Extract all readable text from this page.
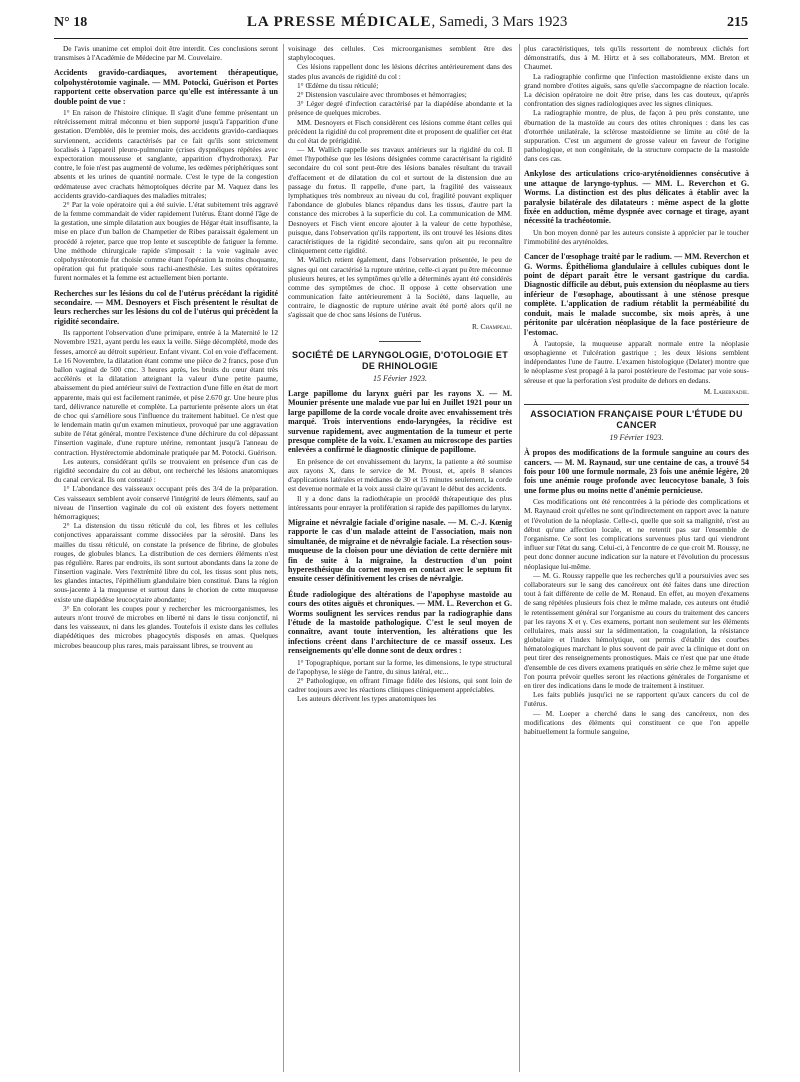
N° 18	LA PRESSE MÉDICALE, Samedi, 3 Mars 1923	215

De l'avis unanime cet emploi doit être interdit. Ces conclusions seront transmises à l'Académie de Médecine par M. Couvelaire.

Accidents gravido-cardiaques, avortement thérapeutique, colpohystérotomie vaginale. — MM. Potocki, Guérison et Portes rapportent cette observation parce qu'elle est intéressante à un double point de vue :

1° En raison de l'histoire clinique. Il s'agit d'une femme présentant un rétrécissement mitral méconnu et bien supporté jusqu'à l'apparition d'une gestation. D'emblée, dès le premier mois, des accidents gravido-cardiaques surviennent, accidents caractérisés par ce fait qu'ils sont strictement localisés à l'appareil pleuro-pulmonaire (crises dyspnéiques répétées avec expectoration mousseuse et sanglante, apparition d'hydrothorax). Par contre, le foie n'est pas augmenté de volume, les œdèmes périphériques sont absents et les urines de quantité normale. C'est le type de la congestion œdémateuse avec crachats hémoptoïques décrite par M. Vaquez dans les accidents gravido-cardiaques des maladies mitrales;

2° Par la voie opératoire qui a été suivie. L'état subitement très aggravé de la femme commandait de vider rapidement l'utérus. Étant donné l'âge de la gestation, une simple dilatation aux bougies de Hégar était insuffisante, la mise en place d'un ballon de Champetier de Ribes paraissait également un procédé à rejeter, parce que trop lente et susceptible de fatiguer la femme. Une méthode chirurgicale rapide s'imposait : la voie vaginale avec colpohystérotomie fut choisie comme étant l'opération la moins choquante, opération qui fut pratiquée sous rachi-anesthésie. Les suites opératoires furent normales et la femme est actuellement bien portante.

Recherches sur les lésions du col de l'utérus précédant la rigidité secondaire. — MM. Desnoyers et Fisch présentent le résultat de leurs recherches sur les lésions du col de l'utérus qui précèdent la rigidité secondaire.

Ils rapportent l'observation d'une primipare, entrée à la Maternité le 12 Novembre 1921, ayant perdu les eaux la veille. Siège décomplété, mode des fesses, amorcé au détroit supérieur. Enfant vivant. Col en voie d'effacement. Le 16 Novembre, la dilatation étant comme une pièce de 2 francs, pose d'un ballon vaginal de 500 cmc. 3 heures après, les bruits du cœur étant très accélérés et la dilatation atteignant la valeur d'une petite paume, abaissement du pied antérieur suivi de l'extraction d'une fille en état de mort apparente, mais qui est facilement ranimée, et pèse 2.670 gr. Une heure plus tard, délivrance naturelle et complète. La parturiente présente alors un état de choc qui s'améliore sous l'influence du traitement habituel. Ce n'est que le lendemain matin qu'un examen minutieux, provoqué par une aggravation subite de l'état général, montre l'existence d'une déchirure du col dépassant l'insertion vaginale, d'une rupture utérine, remontant jusqu'à l'anneau de contraction. Hystérectomie abdominale pratiquée par M. Potocki. Guérison.

Les auteurs, considérant qu'ils se trouvaient en présence d'un cas de rigidité secondaire du col au début, ont recherché les lésions anatomiques du canal cervical. Ils ont constaté :

1° L'abondance des vaisseaux occupant près des 3/4 de la préparation. Ces vaisseaux semblent avoir conservé l'intégrité de leurs éléments, sauf au niveau de l'insertion vaginale du col où existent des foyers nettement hémorragiques;

2° La distension du tissu réticulé du col, les fibres et les cellules conjonctives apparaissant comme dissociées par la sérosité. Dans les mailles du tissu réticulé, on constate la présence de fibrine, de globules rouges, de globules blancs. La distribution de ces derniers éléments n'est pas régulière. Rares par endroits, ils sont surtout abondants dans la zone de l'insertion vaginale. Vers l'extrémité libre du col, les tissus sont plus nets, les glandes intactes, l'épithélium glandulaire bien constitué. Dans la région sous-jacente à la muqueuse et surtout dans le chorion de cette muqueuse existe une diapédèse leucocytaire abondante;

3° En colorant les coupes pour y rechercher les microorganismes, les auteurs n'ont trouvé de microbes en liberté ni dans le tissu conjonctif, ni dans les vaisseaux, ni dans les glandes. Toutefois il existe dans les cellules diapédétiques des microbes phagocytés disposés en amas. Quelques microbes beaucoup plus rares, mais paraissant libres, se trouvent au

voisinage des cellules. Ces microorganismes semblent être des staphylocoques.

Ces lésions rappellent donc les lésions décrites antérieurement dans des stades plus avancés de rigidité du col :

1° Œdème du tissu réticulé;

2° Distension vasculaire avec thromboses et hémorragies;

3° Léger degré d'infection caractérisé par la diapédèse abondante et la présence de quelques microbes.

MM. Desnoyers et Fisch considèrent ces lésions comme étant celles qui précèdent la rigidité du col proprement dite et proposent de qualifier cet état du col état de prérigidité.

— M. Wallich rappelle ses travaux antérieurs sur la rigidité du col. Il émet l'hypothèse que les lésions désignées comme caractérisant la rigidité secondaire du col sont peut-être des lésions banales résultant du travail d'effacement et de dilatation du col et surtout de la distension due au passage du fœtus. Il rappelle, d'une part, la fragilité des vaisseaux lymphatiques très nombreux au niveau du col, fragilité pouvant expliquer l'abondance de globules blancs répandus dans les tissus, d'autre part la constance des microbes à la superficie du col. La communication de MM. Desnoyers et Fisch vient encore ajouter à la valeur de cette hypothèse, puisque, dans l'observation qu'ils rapportent, ils ont trouvé les lésions dites caractéristiques de la rigidité secondaire, sans qu'on ait pu reconnaître cliniquement cette rigidité.

M. Wallich retient également, dans l'observation présentée, le peu de signes qui ont caractérisé la rupture utérine, celle-ci ayant pu être méconnue plusieurs heures, et les symptômes qu'elle a déterminés ayant été considérés comme des symptômes de choc. Il oppose à cette observation une communication faite antérieurement à la Société, dans laquelle, au contraire, le diagnostic de rupture utérine avait été porté alors qu'il ne s'agissait que de choc sans lésions de l'utérus.

R. Champeau.

SOCIÉTÉ DE LARYNGOLOGIE, D'OTOLOGIE ET DE RHINOLOGIE

15 Février 1923.

Large papillome du larynx guéri par les rayons X. — M. Mounier présente une malade vue par lui en Juillet 1921 pour un large papillome de la corde vocale droite avec envahissement très marqué. Trois interventions endo-laryngées, la récidive est survenue rapidement, avec augmentation de la tumeur et perte presque complète de la voix. L'examen au microscope des parties enlevées a confirmé le diagnostic clinique de papillome.

En présence de cet envahissement du larynx, la patiente a été soumise aux rayons X, dans le service de M. Proust, et, après 8 séances d'applications latérales et médianes de 30 et 15 minutes seulement, la corde est devenue normale et la voix aussi claire qu'avant le début des accidents.

Il y a donc dans la radiothérapie un procédé thérapeutique des plus intéressants pour enrayer la prolifération si rapide des papillomes du larynx.

Migraine et névralgie faciale d'origine nasale. — M. C.-J. Kœnig rapporte le cas d'un malade atteint de l'association, mais non simultanée, de migraine et de névralgie faciale. La résection sous-muqueuse de la cloison pour une déviation de cette dernière mit fin de suite à la migraine, la destruction d'un point hyperesthésique du cornet moyen en contact avec le septum fit ensuite cesser définitivement les crises de névralgie.
Étude radiologique des altérations de l'apophyse mastoïde au cours des otites aiguës et chroniques. — MM. L. Reverchon et G. Worms soulignent les services rendus par la radiographie dans l'étude de la mastoïde pathologique. C'est le seul moyen de connaître, avant toute intervention, les altérations que les infections créent dans l'architecture de ce massif osseux. Les renseignements qu'elle donne sont de deux ordres :

1° Topographique, portant sur la forme, les dimensions, le type structural de l'apophyse, le siège de l'antre, du sinus latéral, etc...

2° Pathologique, en offrant l'image fidèle des lésions, qui sont loin de cadrer toujours avec les réactions cliniques cliniquement appréciables.

Les auteurs décrivent les types anatomiques les

plus caractéristiques, tels qu'ils ressortent de nombreux clichés fort démonstratifs, dus à M. Hirtz et à ses collaborateurs, MM. Breton et Chaumet.

La radiographie confirme que l'infection mastoïdienne existe dans un grand nombre d'otites aiguës, sans qu'elle s'accompagne de réaction locale. La décision opératoire ne doit être prise, dans les cas douteux, qu'après confrontation des signes radiologiques avec les signes cliniques.

La radiographie montre, de plus, de façon à peu près constante, une éburnation de la mastoïde au cours des otites chroniques : dans les cas d'otorrhée unilatérale, la sclérose mastoïdienne se limite au côté de la suppuration. C'est un argument de grosse valeur en faveur de l'origine pathologique, et non congénitale, de la structure compacte de la mastoïde dans ces cas.

Ankylose des articulations crico-aryténoïdiennes consécutive à une attaque de laryngo-typhus. — MM. L. Reverchon et G. Worms. La distinction est des plus délicates à établir avec la paralysie bilatérale des dilatateurs : même aspect de la glotte fixée en adduction, même dyspnée avec cornage et tirage, ayant nécessité la trachéotomie.

Un bon moyen donné par les auteurs consiste à apprécier par le toucher l'immobilité des aryténoïdes.

Cancer de l'œsophage traité par le radium. — MM. Reverchon et G. Worms. Épithélioma glandulaire à cellules cubiques dont le point de départ paraît être le versant gastrique du cardia. Diagnostic difficile au début, puis extension du néoplasme au tiers inférieur de l'œsophage, aboutissant à une sténose presque complète. L'application de radium rétablit la perméabilité du conduit, mais le malade succombe, six mois après, à une péritonite par ulcération néoplasique de la face postérieure de l'estomac.

À l'autopsie, la muqueuse apparaît normale entre la néoplasie œsophagienne et l'ulcération gastrique ; les deux lésions semblent indépendantes l'une de l'autre. L'examen histologique (Delater) montre que le néoplasme s'est propagé à la paroi postérieure de l'estomac par voie sous-séreuse et que la perforation s'est produite de dehors en dedans.

M. Labernadie.

ASSOCIATION FRANÇAISE POUR L'ÉTUDE DU CANCER

19 Février 1923.

À propos des modifications de la formule sanguine au cours des cancers. — M. M. Raynaud, sur une centaine de cas, a trouvé 54 fois pour 100 une formule normale, 23 fois une anémie légère, 20 fois une anémie rouge profonde avec leucocytose banale, 3 fois une forme plus ou moins nette d'anémie pernicieuse.

Ces modifications ont été rencontrées à la période des complications et M. Raynaud croit qu'elles ne sont qu'indirectement en rapport avec la nature et l'évolution de la néoplasie. Celle-ci, quelle que soit sa malignité, n'est au début qu'une affection locale, et ne retentit pas sur l'ensemble de l'organisme. Ce sont les complications survenues plus tard qui viendront influer sur l'état du sang. Celui-ci, à l'encontre de ce que croit M. Roussy, ne peut donc donner aucune indication sur la nature et l'évolution du processus néoplasique lui-même.

— M. G. Roussy rappelle que les recherches qu'il a poursuivies avec ses collaborateurs sur le sang des cancéreux ont été faites dans une direction tout à fait différente de celle de M. Renaud. En effet, au moyen d'examens de sang répétées plusieurs fois chez le même malade, ces auteurs ont étudié le retentissement général sur l'organisme au cours du traitement des cancers par les rayons X et γ. Ces examens, portant non seulement sur les éléments cellulaires, mais aussi sur la sédimentation, la coagulation, la résistance globulaire et l'index hémolytique, ont permis d'établir des courbes hématologiques marchant le plus souvent de pair avec la clinique et dont on peut tirer des renseignements pronostiques. Mais ce n'est que par une étude d'ensemble de ces divers examens pratiqués en série chez le même sujet que l'on pourra prévoir quelles seront les réactions générales de l'organisme et en tirer des indications dans le mode de traitement à instituer.

Les faits publiés jusqu'ici ne se rapportent qu'aux cancers du col de l'utérus.

— M. Loeper a cherché dans le sang des cancéreux, non des modifications des éléments qui constituent ce que l'on appelle habituellement la formule sanguine,
